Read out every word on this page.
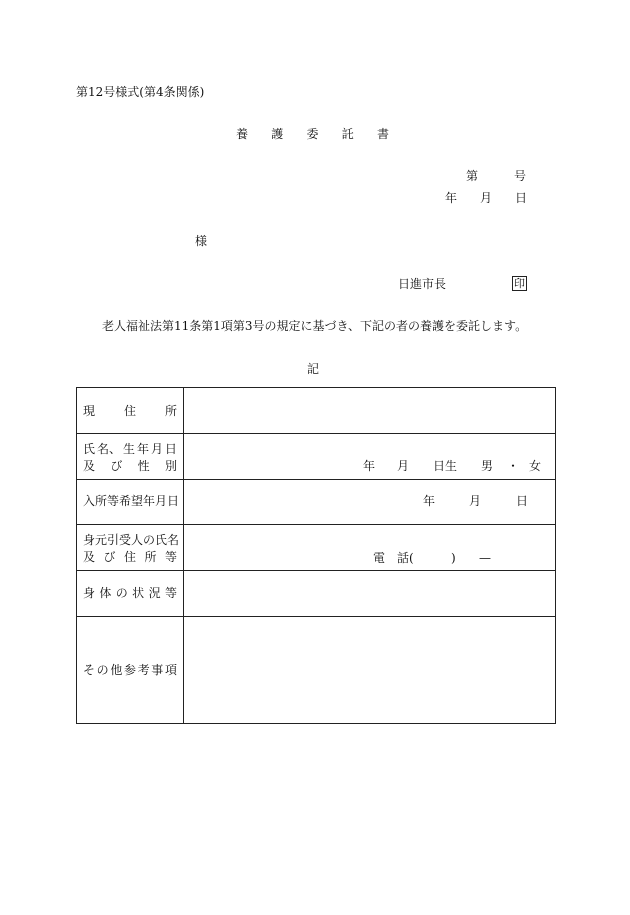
第12号様式(第4条関係)
養 護 委 託 書
第	号
年 月 日
様
日進市長	印
老人福祉法第11条第1項第3号の規定に基づき、下記の者の養護を委託します。
記
現 住 所
氏 名、 生 年 月 日
及 び 性 別	年 月 日生 男 ・ 女
入所等希望年月日	年	月	日
身元引受人の氏名
及 び 住 所 等	電　話 (	) —
身 体 の 状 況 等
そ の 他 参 考 事 項
